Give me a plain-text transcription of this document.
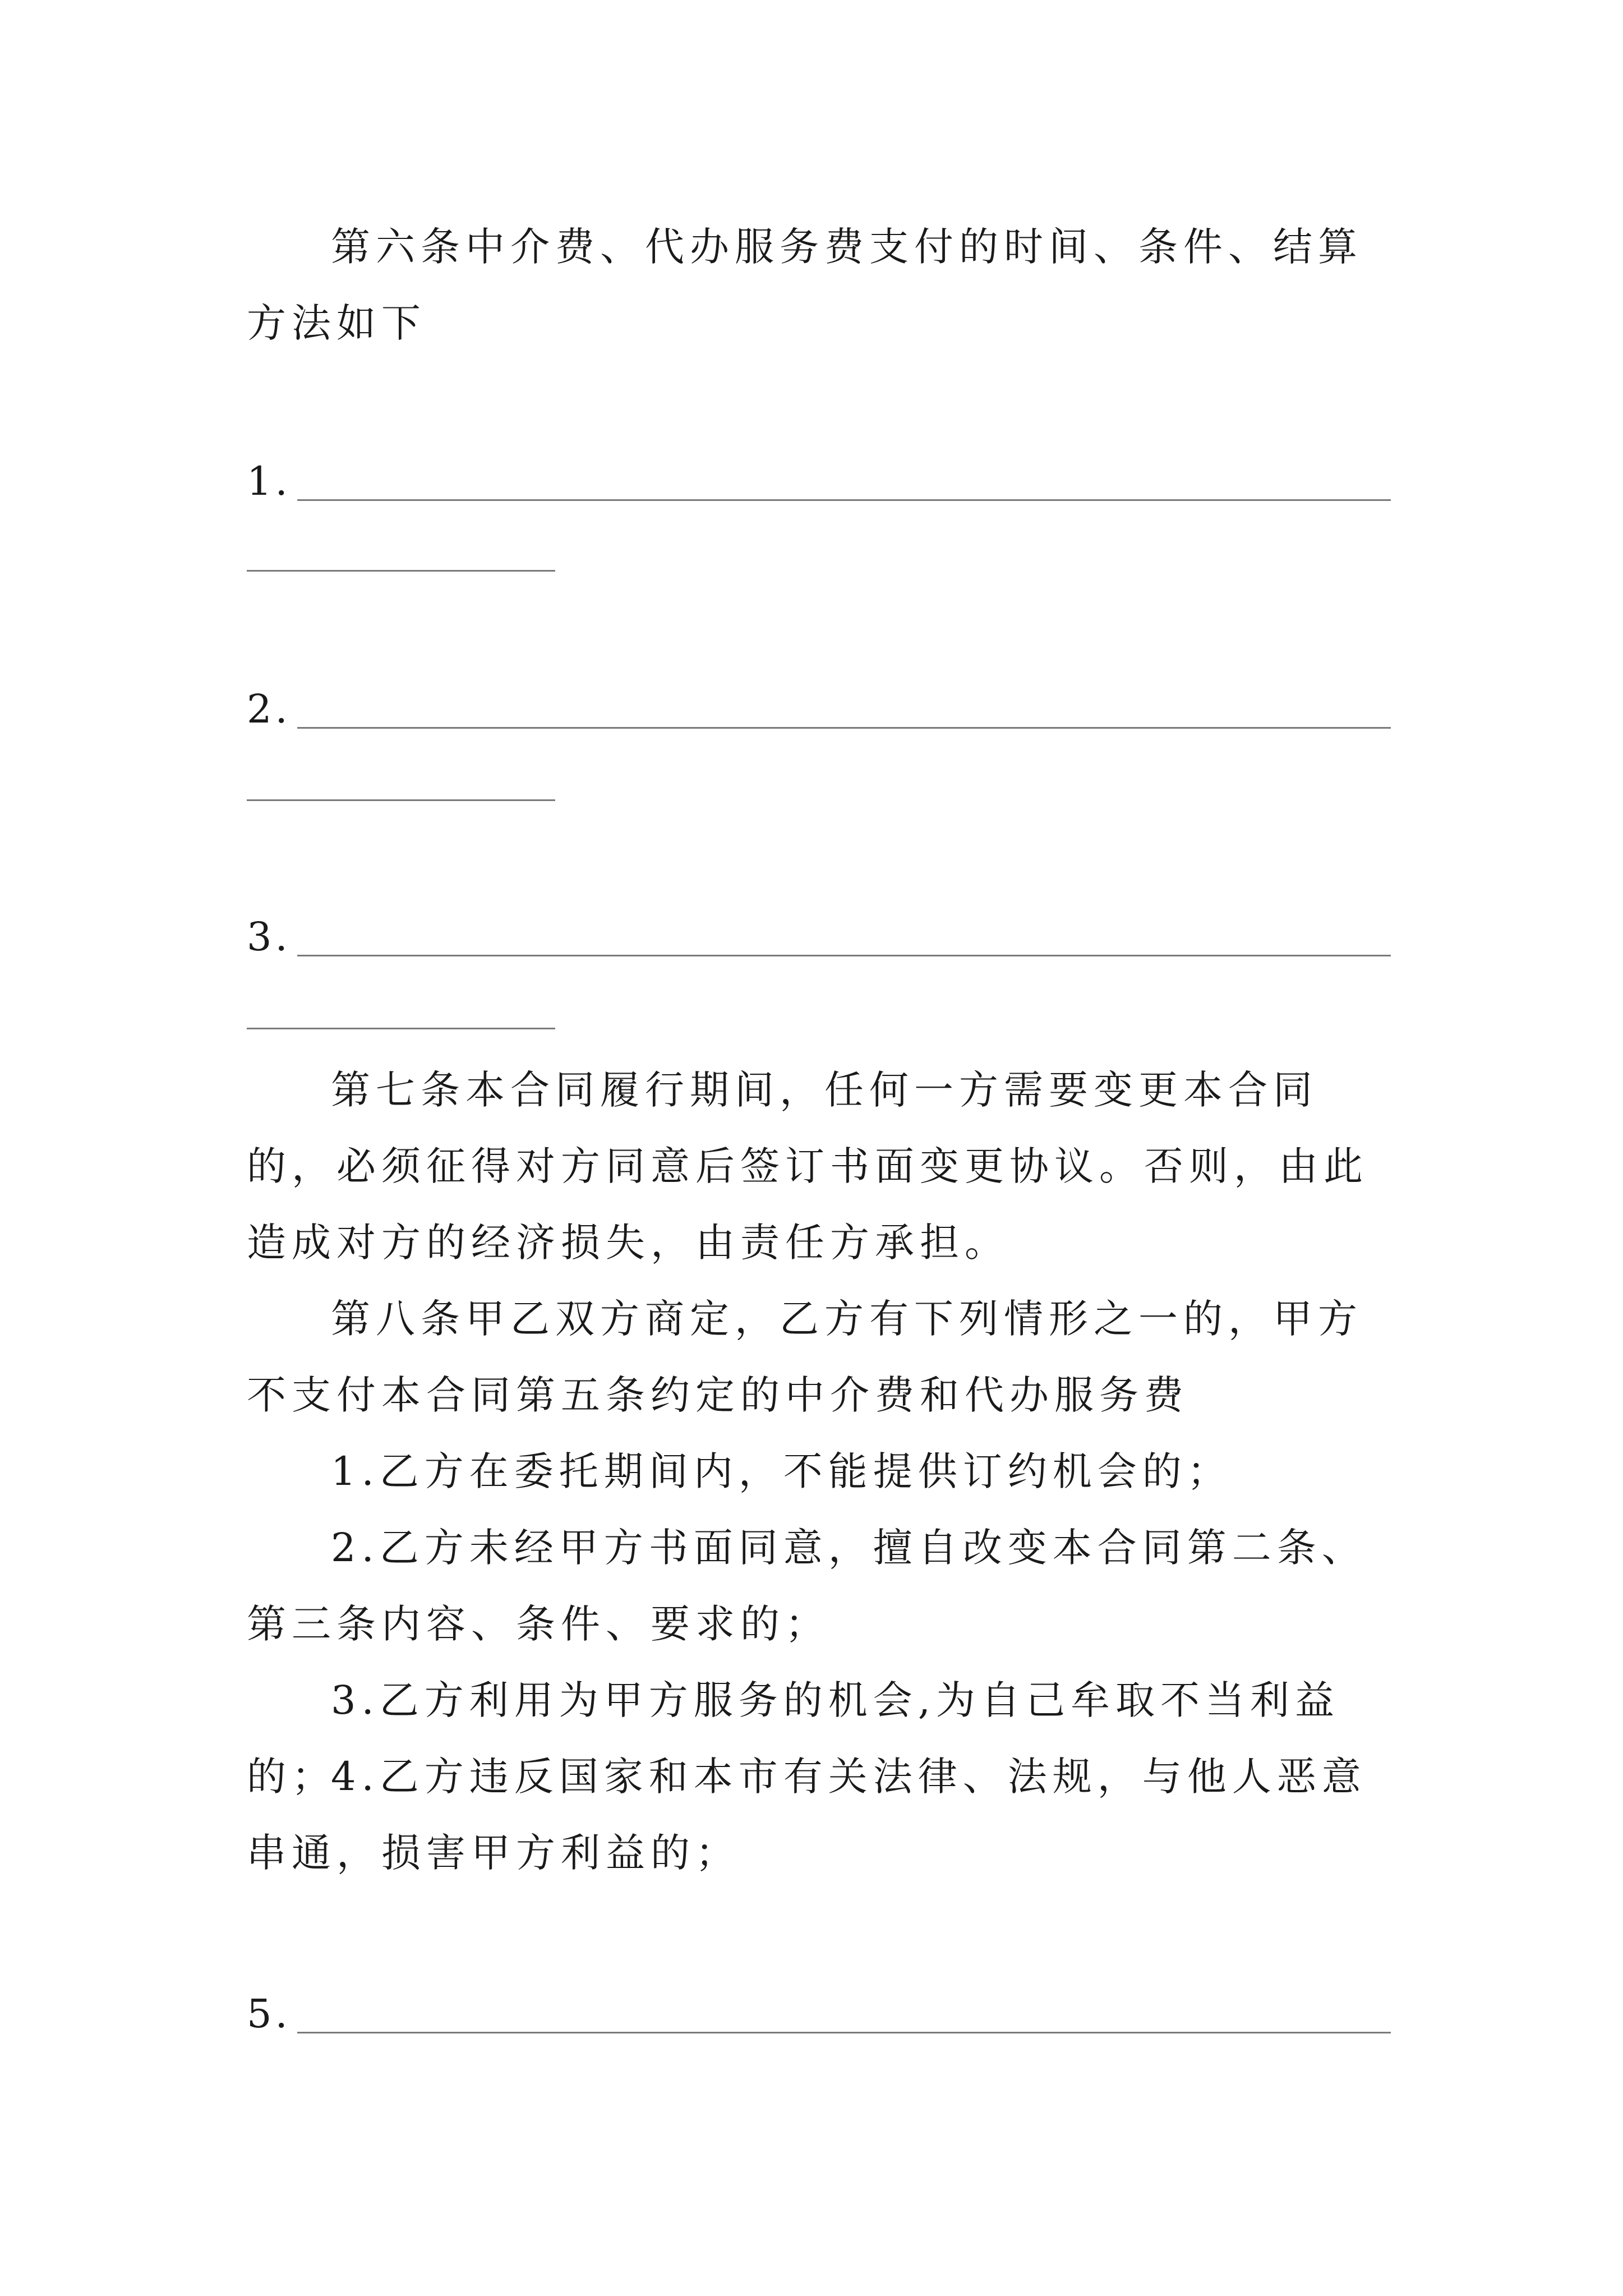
第六条中介费、代办服务费支付的时间、条件、结算方法如下

1.
2.
3.

第七条本合同履行期间，任何一方需要变更本合同的，必须征得对方同意后签订书面变更协议。否则，由此造成对方的经济损失，由责任方承担。

第八条甲乙双方商定，乙方有下列情形之一的，甲方不支付本合同第五条约定的中介费和代办服务费

1.乙方在委托期间内，不能提供订约机会的；

2.乙方未经甲方书面同意，擅自改变本合同第二条、第三条内容、条件、要求的；

3.乙方利用为甲方服务的机会,为自己牟取不当利益的；

4.乙方违反国家和本市有关法律、法规，与他人恶意串通，损害甲方利益的；

5.
